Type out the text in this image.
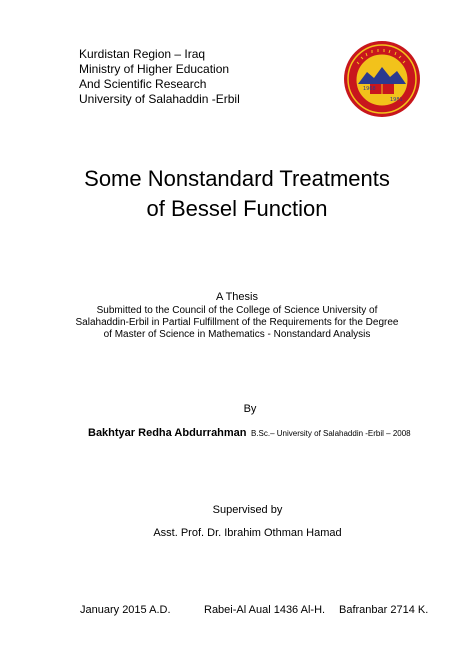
Kurdistan Region – Iraq
Ministry of Higher Education
And Scientific Research
University of Salahaddin -Erbil
1968
1981
Some Nonstandard Treatments
of Bessel Function
A Thesis
Submitted to the Council of the College of Science University of
Salahaddin-Erbil in Partial Fulfillment of the Requirements for the Degree
of Master of Science in Mathematics - Nonstandard Analysis
By
Bakhtyar Redha Abdurrahman B.Sc.– University of Salahaddin -Erbil – 2008
Supervised by
Asst. Prof. Dr. Ibrahim Othman Hamad
January 2015 A.D.	Rabei-Al Aual 1436 Al-H. Bafranbar 2714 K.
